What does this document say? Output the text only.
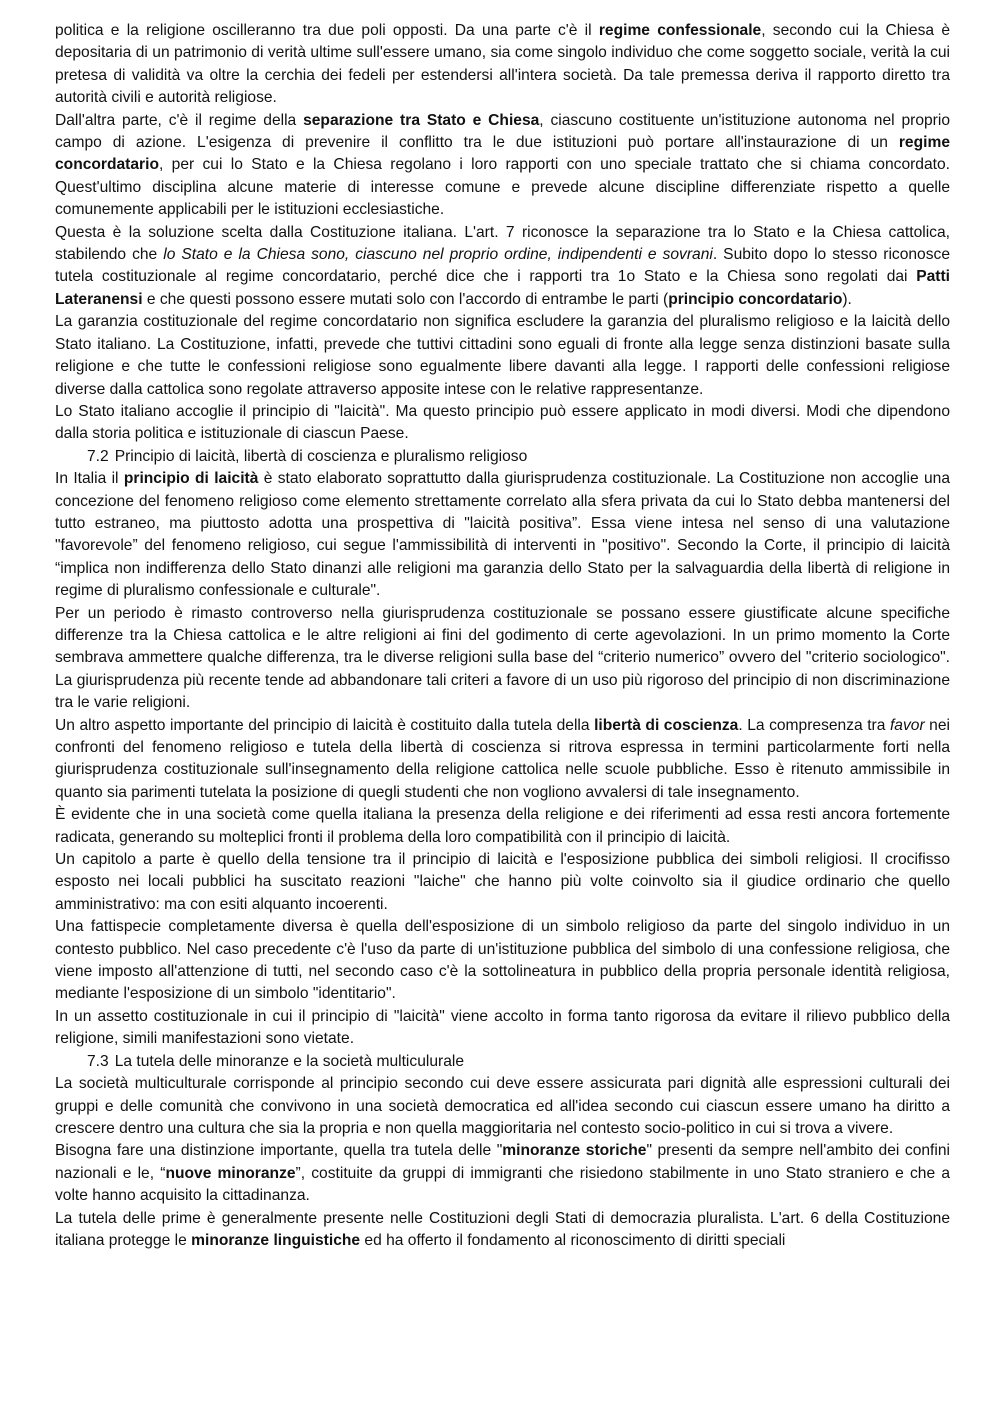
politica e la religione oscilleranno tra due poli opposti. Da una parte c'è il regime confessionale, secondo cui la Chiesa è depositaria di un patrimonio di verità ultime sull'essere umano, sia come singolo individuo che come soggetto sociale, verità la cui pretesa di validità va oltre la cerchia dei fedeli per estendersi all'intera società. Da tale premessa deriva il rapporto diretto tra autorità civili e autorità religiose.

Dall'altra parte, c'è il regime della separazione tra Stato e Chiesa, ciascuno costituente un'istituzione autonoma nel proprio campo di azione. L'esigenza di prevenire il conflitto tra le due istituzioni può portare all'instaurazione di un regime concordatario, per cui lo Stato e la Chiesa regolano i loro rapporti con uno speciale trattato che si chiama concordato. Quest'ultimo disciplina alcune materie di interesse comune e prevede alcune discipline differenziate rispetto a quelle comunemente applicabili per le istituzioni ecclesiastiche.

Questa è la soluzione scelta dalla Costituzione italiana. L'art. 7 riconosce la separazione tra lo Stato e la Chiesa cattolica, stabilendo che lo Stato e la Chiesa sono, ciascuno nel proprio ordine, indipendenti e sovrani. Subito dopo lo stesso riconosce tutela costituzionale al regime concordatario, perché dice che i rapporti tra 1o Stato e la Chiesa sono regolati dai Patti Lateranensi e che questi possono essere mutati solo con l'accordo di entrambe le parti (principio concordatario).

La garanzia costituzionale del regime concordatario non significa escludere la garanzia del pluralismo religioso e la laicità dello Stato italiano. La Costituzione, infatti, prevede che tuttivi cittadini sono eguali di fronte alla legge senza distinzioni basate sulla religione e che tutte le confessioni religiose sono egualmente libere davanti alla legge. I rapporti delle confessioni religiose diverse dalla cattolica sono regolate attraverso apposite intese con le relative rappresentanze.

Lo Stato italiano accoglie il principio di "laicità". Ma questo principio può essere applicato in modi diversi. Modi che dipendono dalla storia politica e istituzionale di ciascun Paese.

7.2 Principio di laicità, libertà di coscienza e pluralismo religioso

In Italia il principio di laicità è stato elaborato soprattutto dalla giurisprudenza costituzionale. La Costituzione non accoglie una concezione del fenomeno religioso come elemento strettamente correlato alla sfera privata da cui lo Stato debba mantenersi del tutto estraneo, ma piuttosto adotta una prospettiva di "laicità positiva”. Essa viene intesa nel senso di una valutazione "favorevole” del fenomeno religioso, cui segue l'ammissibilità di interventi in "positivo". Secondo la Corte, il principio di laicità “implica non indifferenza dello Stato dinanzi alle religioni ma garanzia dello Stato per la salvaguardia della libertà di religione in regime di pluralismo confessionale e culturale".

Per un periodo è rimasto controverso nella giurisprudenza costituzionale se possano essere giustificate alcune specifiche differenze tra la Chiesa cattolica e le altre religioni ai fini del godimento di certe agevolazioni. In un primo momento la Corte sembrava ammettere qualche differenza, tra le diverse religioni sulla base del “criterio numerico” ovvero del "criterio sociologico". La giurisprudenza più recente tende ad abbandonare tali criteri a favore di un uso più rigoroso del principio di non discriminazione tra le varie religioni.

Un altro aspetto importante del principio di laicità è costituito dalla tutela della libertà di coscienza. La compresenza tra favor nei confronti del fenomeno religioso e tutela della libertà di coscienza si ritrova espressa in termini particolarmente forti nella giurisprudenza costituzionale sull'insegnamento della religione cattolica nelle scuole pubbliche. Esso è ritenuto ammissibile in quanto sia parimenti tutelata la posizione di quegli studenti che non vogliono avvalersi di tale insegnamento.

È evidente che in una società come quella italiana la presenza della religione e dei riferimenti ad essa resti ancora fortemente radicata, generando su molteplici fronti il problema della loro compatibilità con il principio di laicità.

Un capitolo a parte è quello della tensione tra il principio di laicità e l'esposizione pubblica dei simboli religiosi. Il crocifisso esposto nei locali pubblici ha suscitato reazioni "laiche" che hanno più volte coinvolto sia il giudice ordinario che quello amministrativo: ma con esiti alquanto incoerenti.

Una fattispecie completamente diversa è quella dell'esposizione di un simbolo religioso da parte del singolo individuo in un contesto pubblico. Nel caso precedente c'è l'uso da parte di un'istituzione pubblica del simbolo di una confessione religiosa, che viene imposto all'attenzione di tutti, nel secondo caso c'è la sottolineatura in pubblico della propria personale identità religiosa, mediante l'esposizione di un simbolo "identitario".

In un assetto costituzionale in cui il principio di "laicità" viene accolto in forma tanto rigorosa da evitare il rilievo pubblico della religione, simili manifestazioni sono vietate.

7.3 La tutela delle minoranze e la società multiculurale

La società multiculturale corrisponde al principio secondo cui deve essere assicurata pari dignità alle espressioni culturali dei gruppi e delle comunità che convivono in una società democratica ed all'idea secondo cui ciascun essere umano ha diritto a crescere dentro una cultura che sia la propria e non quella maggioritaria nel contesto socio-politico in cui si trova a vivere.

Bisogna fare una distinzione importante, quella tra tutela delle "minoranze storiche" presenti da sempre nell'ambito dei confini nazionali e le, “nuove minoranze”, costituite da gruppi di immigranti che risiedono stabilmente in uno Stato straniero e che a volte hanno acquisito la cittadinanza.

La tutela delle prime è generalmente presente nelle Costituzioni degli Stati di democrazia pluralista. L'art. 6 della Costituzione italiana protegge le minoranze linguistiche ed ha offerto il fondamento al riconoscimento di diritti speciali
